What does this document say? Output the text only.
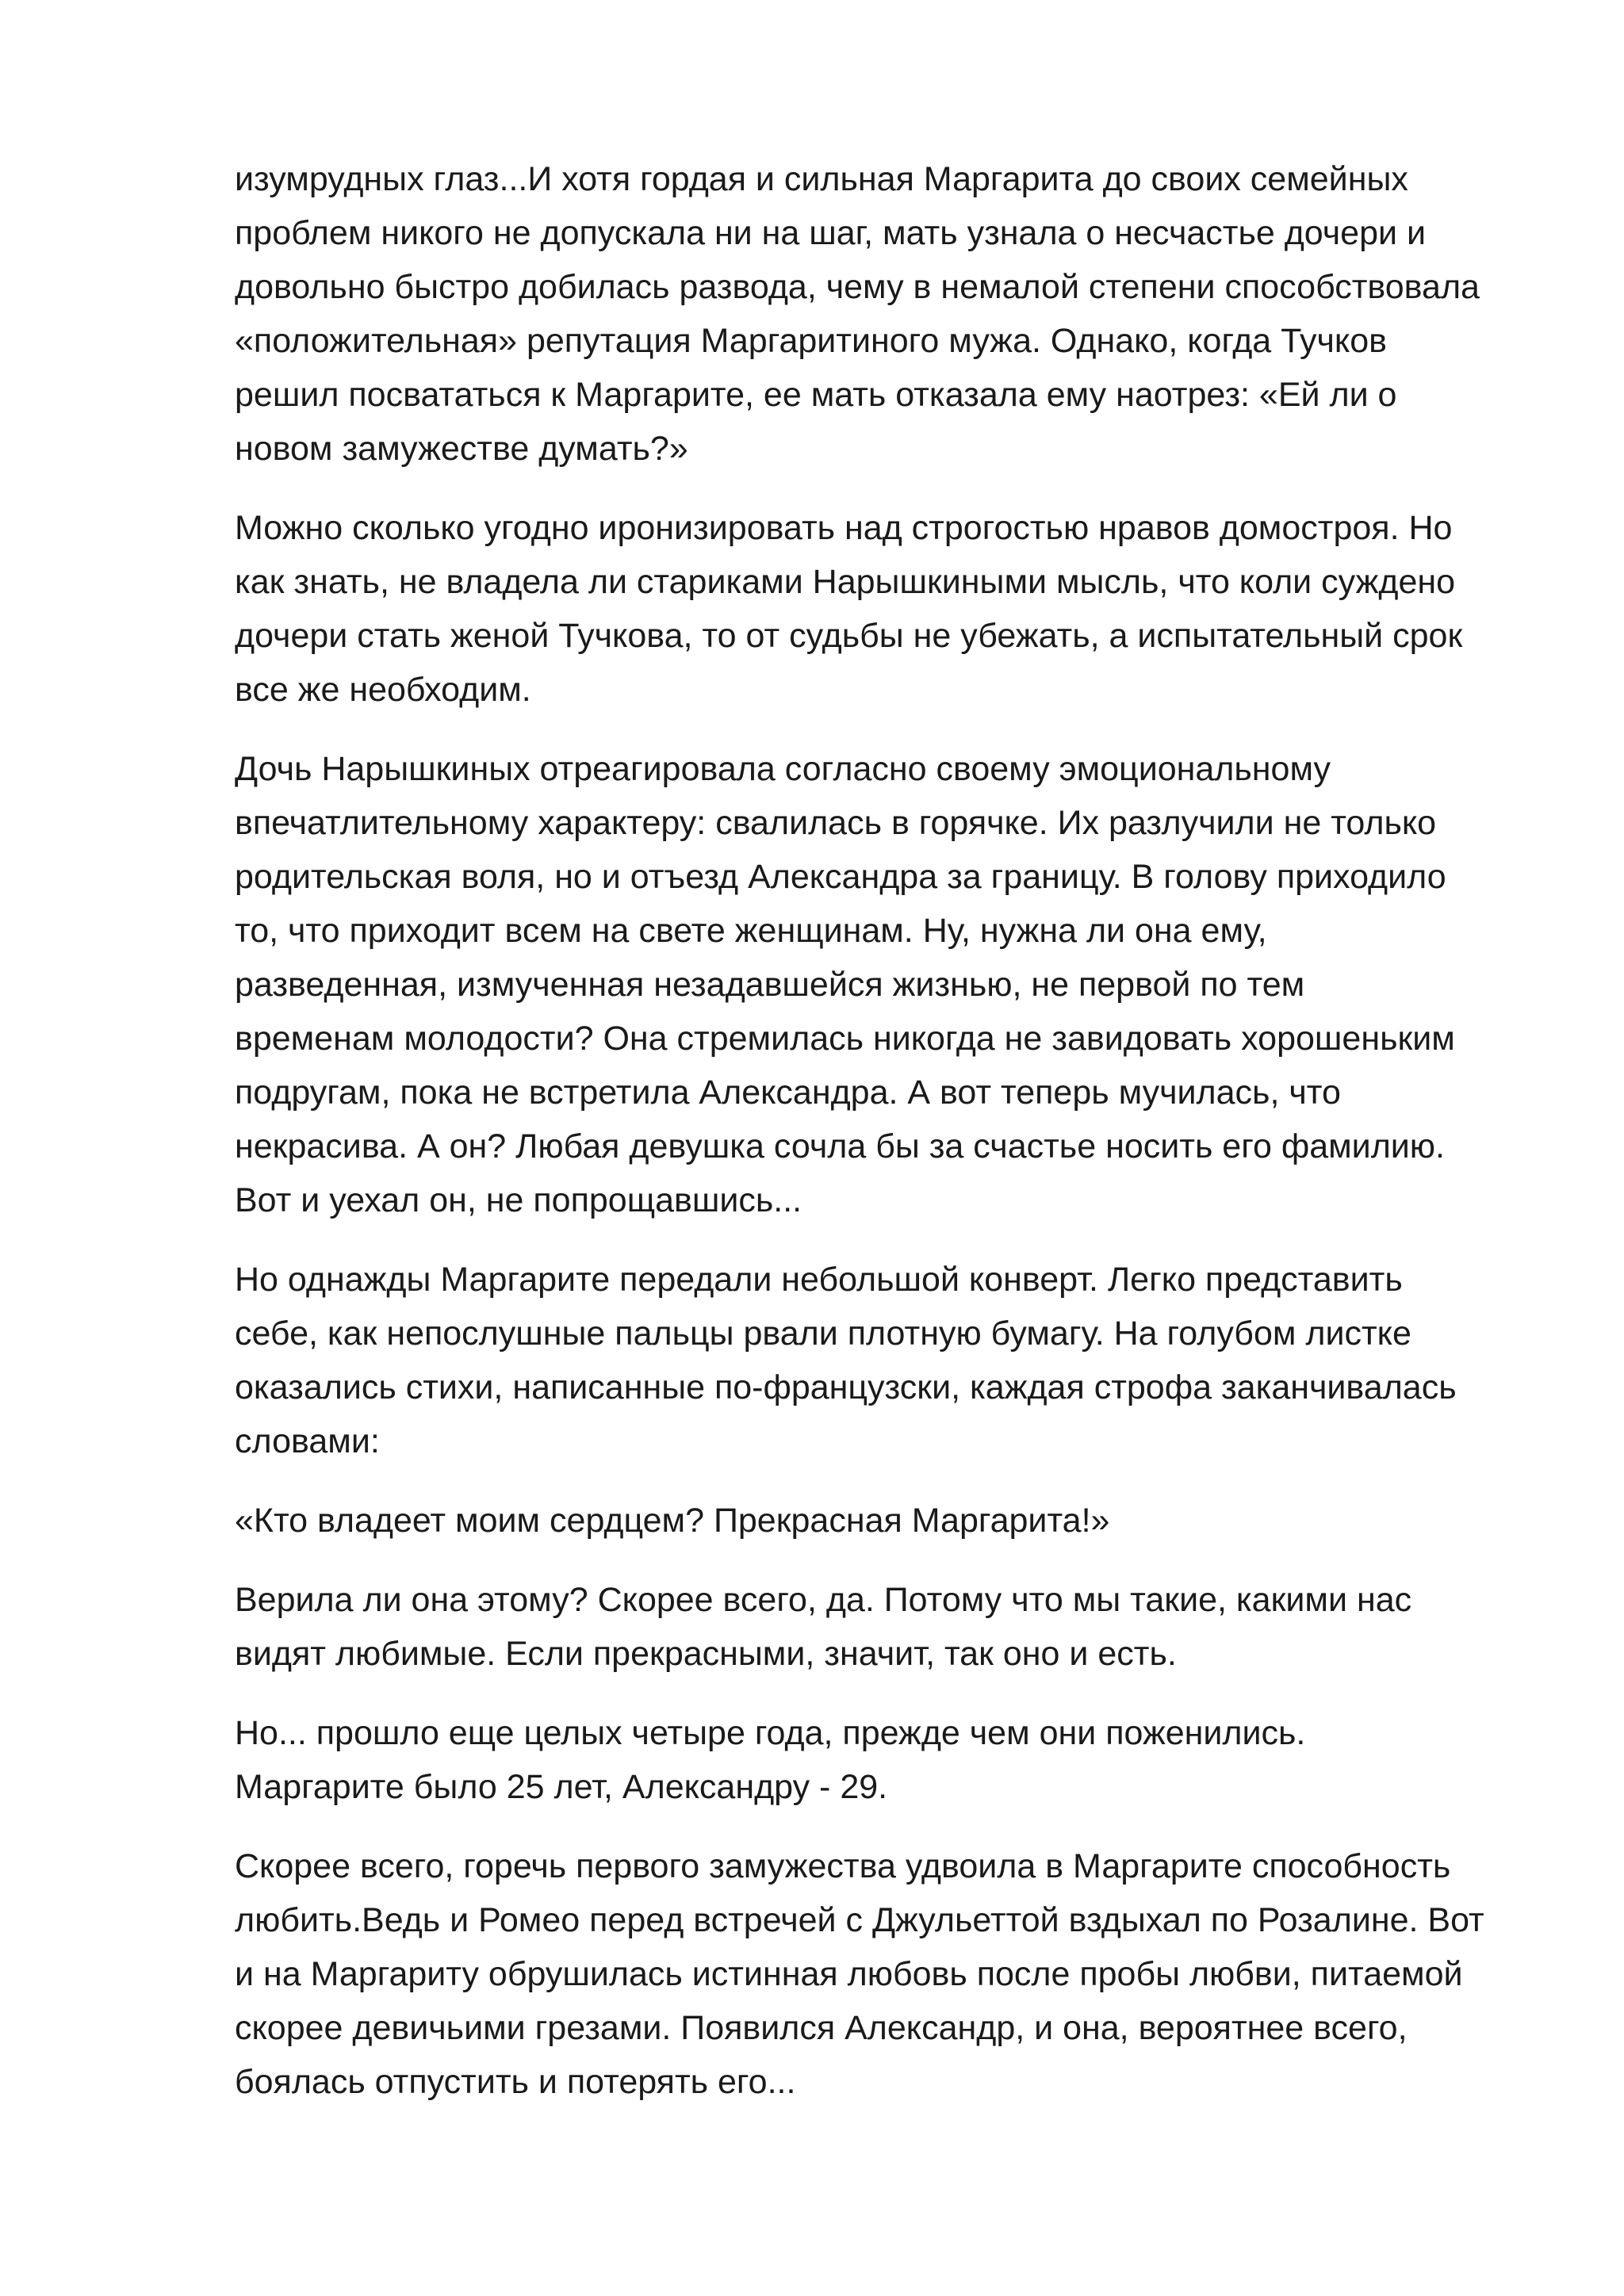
изумрудных глаз...И хотя гордая и сильная Маргарита до своих семейных
проблем никого не допускала ни на шаг, мать узнала о несчастье дочери и
довольно быстро добилась развода, чему в немалой степени способствовала
«положительная» репутация Маргаритиного мужа. Однако, когда Тучков
решил посвататься к Маргарите, ее мать отказала ему наотрез: «Ей ли о
новом замужестве думать?»

Можно сколько угодно иронизировать над строгостью нравов домостроя. Но
как знать, не владела ли стариками Нарышкиными мысль, что коли суждено
дочери стать женой Тучкова, то от судьбы не убежать, а испытательный срок
все же необходим.

Дочь Нарышкиных отреагировала согласно своему эмоциональному
впечатлительному характеру: свалилась в горячке. Их разлучили не только
родительская воля, но и отъезд Александра за границу. В голову приходило
то, что приходит всем на свете женщинам. Ну, нужна ли она ему,
разведенная, измученная незадавшейся жизнью, не первой по тем
временам молодости? Она стремилась никогда не завидовать хорошеньким
подругам, пока не встретила Александра. А вот теперь мучилась, что
некрасива. А он? Любая девушка сочла бы за счастье носить его фамилию.
Вот и уехал он, не попрощавшись...

Но однажды Маргарите передали небольшой конверт. Легко представить
себе, как непослушные пальцы рвали плотную бумагу. На голубом листке
оказались стихи, написанные по-французски, каждая строфа заканчивалась
словами:

«Кто владеет моим сердцем? Прекрасная Маргарита!»

Верила ли она этому? Скорее всего, да. Потому что мы такие, какими нас
видят любимые. Если прекрасными, значит, так оно и есть.

Но... прошло еще целых четыре года, прежде чем они поженились.
Маргарите было 25 лет, Александру - 29.

Скорее всего, горечь первого замужества удвоила в Маргарите способность
любить.Ведь и Ромео перед встречей с Джульеттой вздыхал по Розалине. Вот
и на Маргариту обрушилась истинная любовь после пробы любви, питаемой
скорее девичьими грезами. Появился Александр, и она, вероятнее всего,
боялась отпустить и потерять его...
